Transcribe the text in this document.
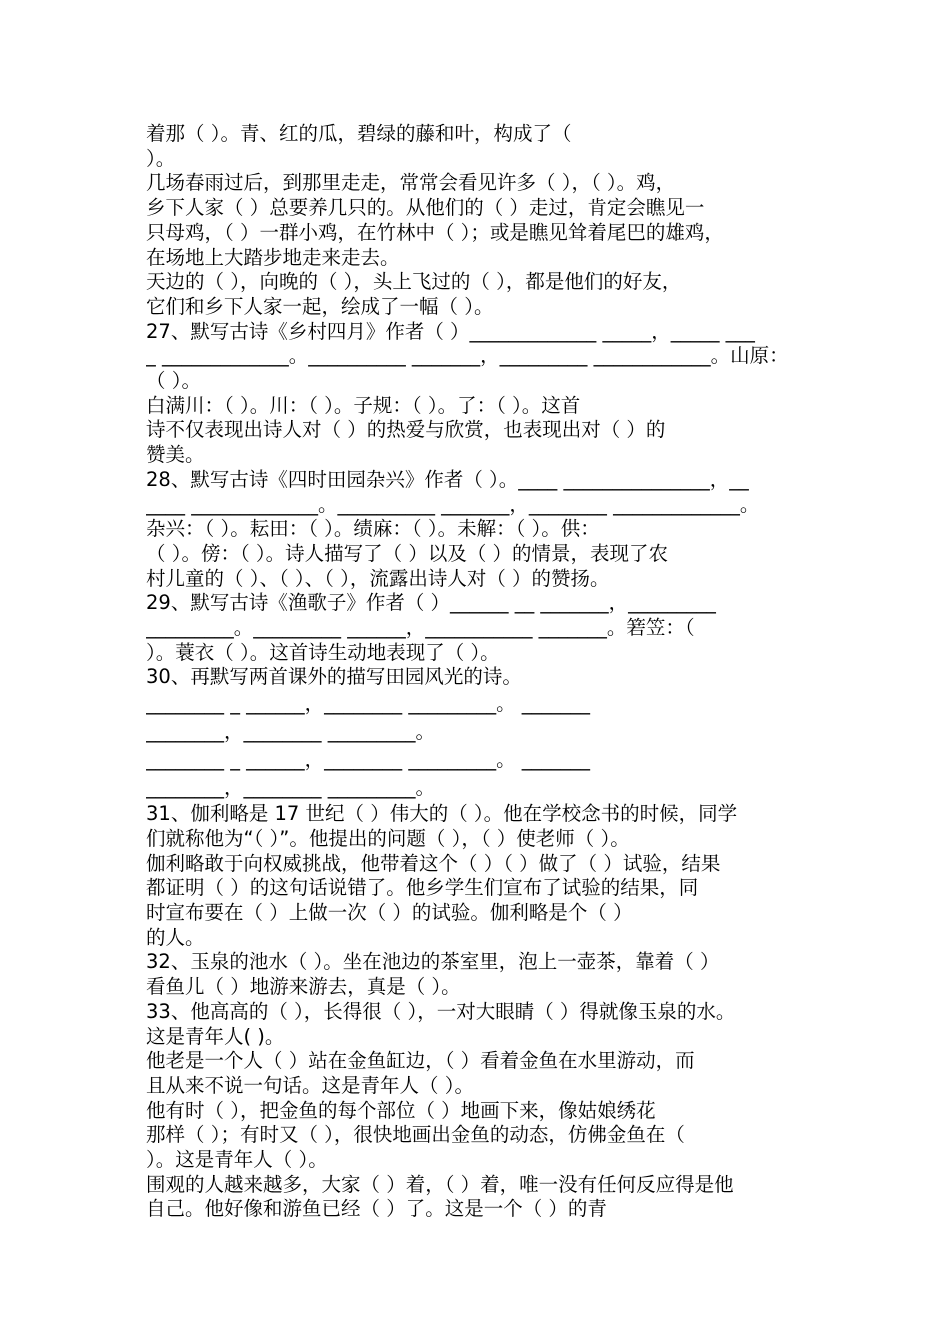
着那（ ）。青、红的瓜，碧绿的藤和叶，构成了（

）。

几场春雨过后，到那里走走，常常会看见许多（ ），（ ）。鸡，

乡下人家（ ）总要养几只的。从他们的（ ）走过，肯定会瞧见一

只母鸡，（ ）一群小鸡，在竹林中（ ）；或是瞧见耸着尾巴的雄鸡，

在场地上大踏步地走来走去。

天边的（ ），向晚的（ ），头上飞过的（ ），都是他们的好友，

它们和乡下人家一起，绘成了一幅（ ）。

27、默写古诗《乡村四月》作者（ ）_____________ _____，_____ ___

_ _____________。__________ _______，_________ ____________。山原：

（ ）。

白满川：（ ）。川：（ ）。子规：（ ）。了：（ ）。这首

诗不仅表现出诗人对（ ）的热爱与欣赏，也表现出对（ ）的

赞美。

28、默写古诗《四时田园杂兴》作者（ ）。____ _______________，__

____ _____________。__________ _______，________ _____________。

杂兴：（ ）。耘田：（ ）。绩麻：（ ）。未解：（ ）。供：

（ ）。傍：（ ）。诗人描写了（ ）以及（ ）的情景，表现了农

村儿童的（ ）、（ ）、（ ），流露出诗人对（ ）的赞扬。

29、默写古诗《渔歌子》作者（ ）______ __ _______，_________

_________。_________ ______，___________ _______。箬笠：（

）。蓑衣（ ）。这首诗生动地表现了（ ）。

30、再默写两首课外的描写田园风光的诗。

________ _ ______，________ _________。 _______

________，________ _________。

________ _ ______，________ _________。 _______

________，________ _________。

31、伽利略是 17 世纪（ ）伟大的（ ）。他在学校念书的时候，同学

们就称他为“（ ）”。他提出的问题（ ），（ ）使老师（ ）。

伽利略敢于向权威挑战，他带着这个（ ）（ ）做了（ ）试验，结果

都证明（ ）的这句话说错了。他乡学生们宣布了试验的结果，同

时宣布要在（ ）上做一次（ ）的试验。伽利略是个（ ）

的人。

32、玉泉的池水（ ）。坐在池边的茶室里，泡上一壶茶，靠着（ ）

看鱼儿（ ）地游来游去，真是（ ）。

33、他高高的（ ），长得很（ ），一对大眼睛（ ）得就像玉泉的水。

这是青年人( )。

他老是一个人（ ）站在金鱼缸边，（ ）看着金鱼在水里游动，而

且从来不说一句话。这是青年人（ ）。

他有时（ ），把金鱼的每个部位（ ）地画下来，像姑娘绣花

那样（ ）；有时又（ ），很快地画出金鱼的动态，仿佛金鱼在（

）。这是青年人（ ）。

围观的人越来越多，大家（ ）着，（ ）着，唯一没有任何反应得是他

自己。他好像和游鱼已经（ ）了。这是一个（ ）的青
